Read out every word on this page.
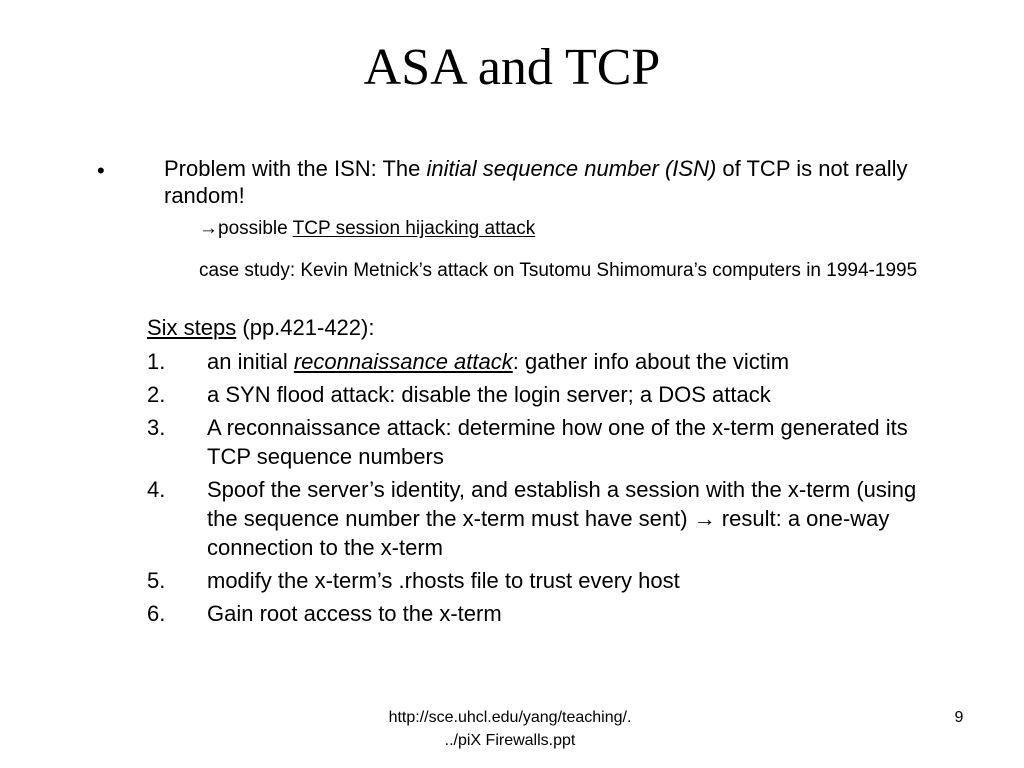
ASA and TCP
•	Problem with the ISN: The initial sequence number (ISN) of TCP is not really random!
→possible TCP session hijacking attack
case study: Kevin Metnick’s attack on Tsutomu Shimomura’s computers in 1994-1995
Six steps (pp.421-422):
1. an initial reconnaissance attack: gather info about the victim
2. a SYN flood attack: disable the login server; a DOS attack
3. A reconnaissance attack: determine how one of the x-term generated its TCP sequence numbers
4. Spoof the server’s identity, and establish a session with the x-term (using the sequence number the x-term must have sent) → result: a one-way connection to the x-term
5. modify the x-term’s .rhosts file to trust every host
6. Gain root access to the x-term
http://sce.uhcl.edu/yang/teaching/.
../piX Firewalls.ppt
9
